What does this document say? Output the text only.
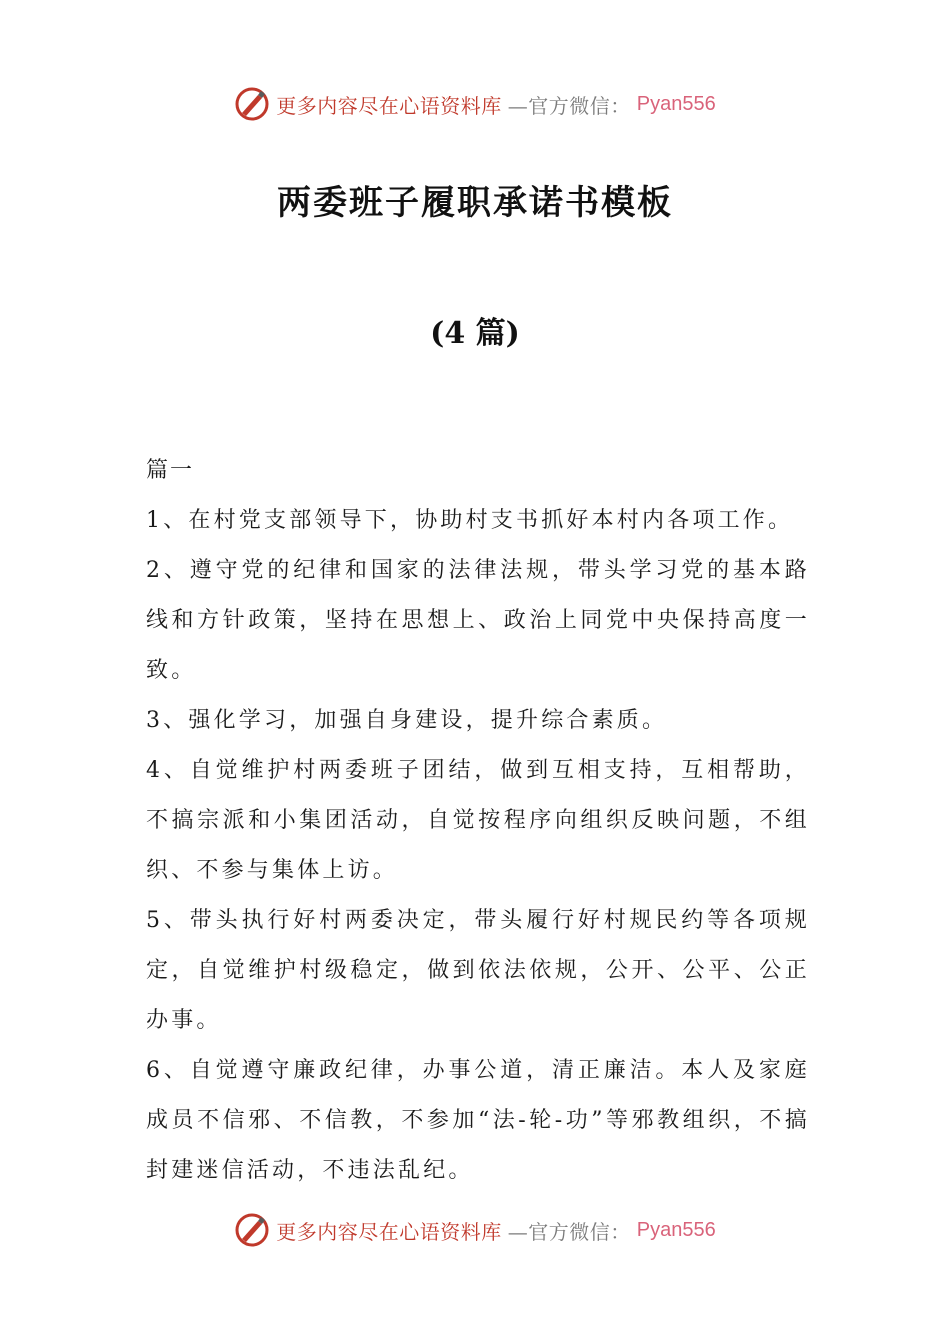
更多内容尽在心语资料库 —官方微信： Pyan556
两委班子履职承诺书模板
(4 篇)

篇一

1、在村党支部领导下，协助村支书抓好本村内各项工作。

2、遵守党的纪律和国家的法律法规，带头学习党的基本路线和方针政策，坚持在思想上、政治上同党中央保持高度一致。

3、强化学习，加强自身建设，提升综合素质。

4、自觉维护村两委班子团结，做到互相支持，互相帮助，不搞宗派和小集团活动，自觉按程序向组织反映问题，不组织、不参与集体上访。

5、带头执行好村两委决定，带头履行好村规民约等各项规定，自觉维护村级稳定，做到依法依规，公开、公平、公正办事。

6、自觉遵守廉政纪律，办事公道，清正廉洁。本人及家庭成员不信邪、不信教，不参加“法-轮-功”等邪教组织，不搞封建迷信活动，不违法乱纪。

更多内容尽在心语资料库 —官方微信： Pyan556
